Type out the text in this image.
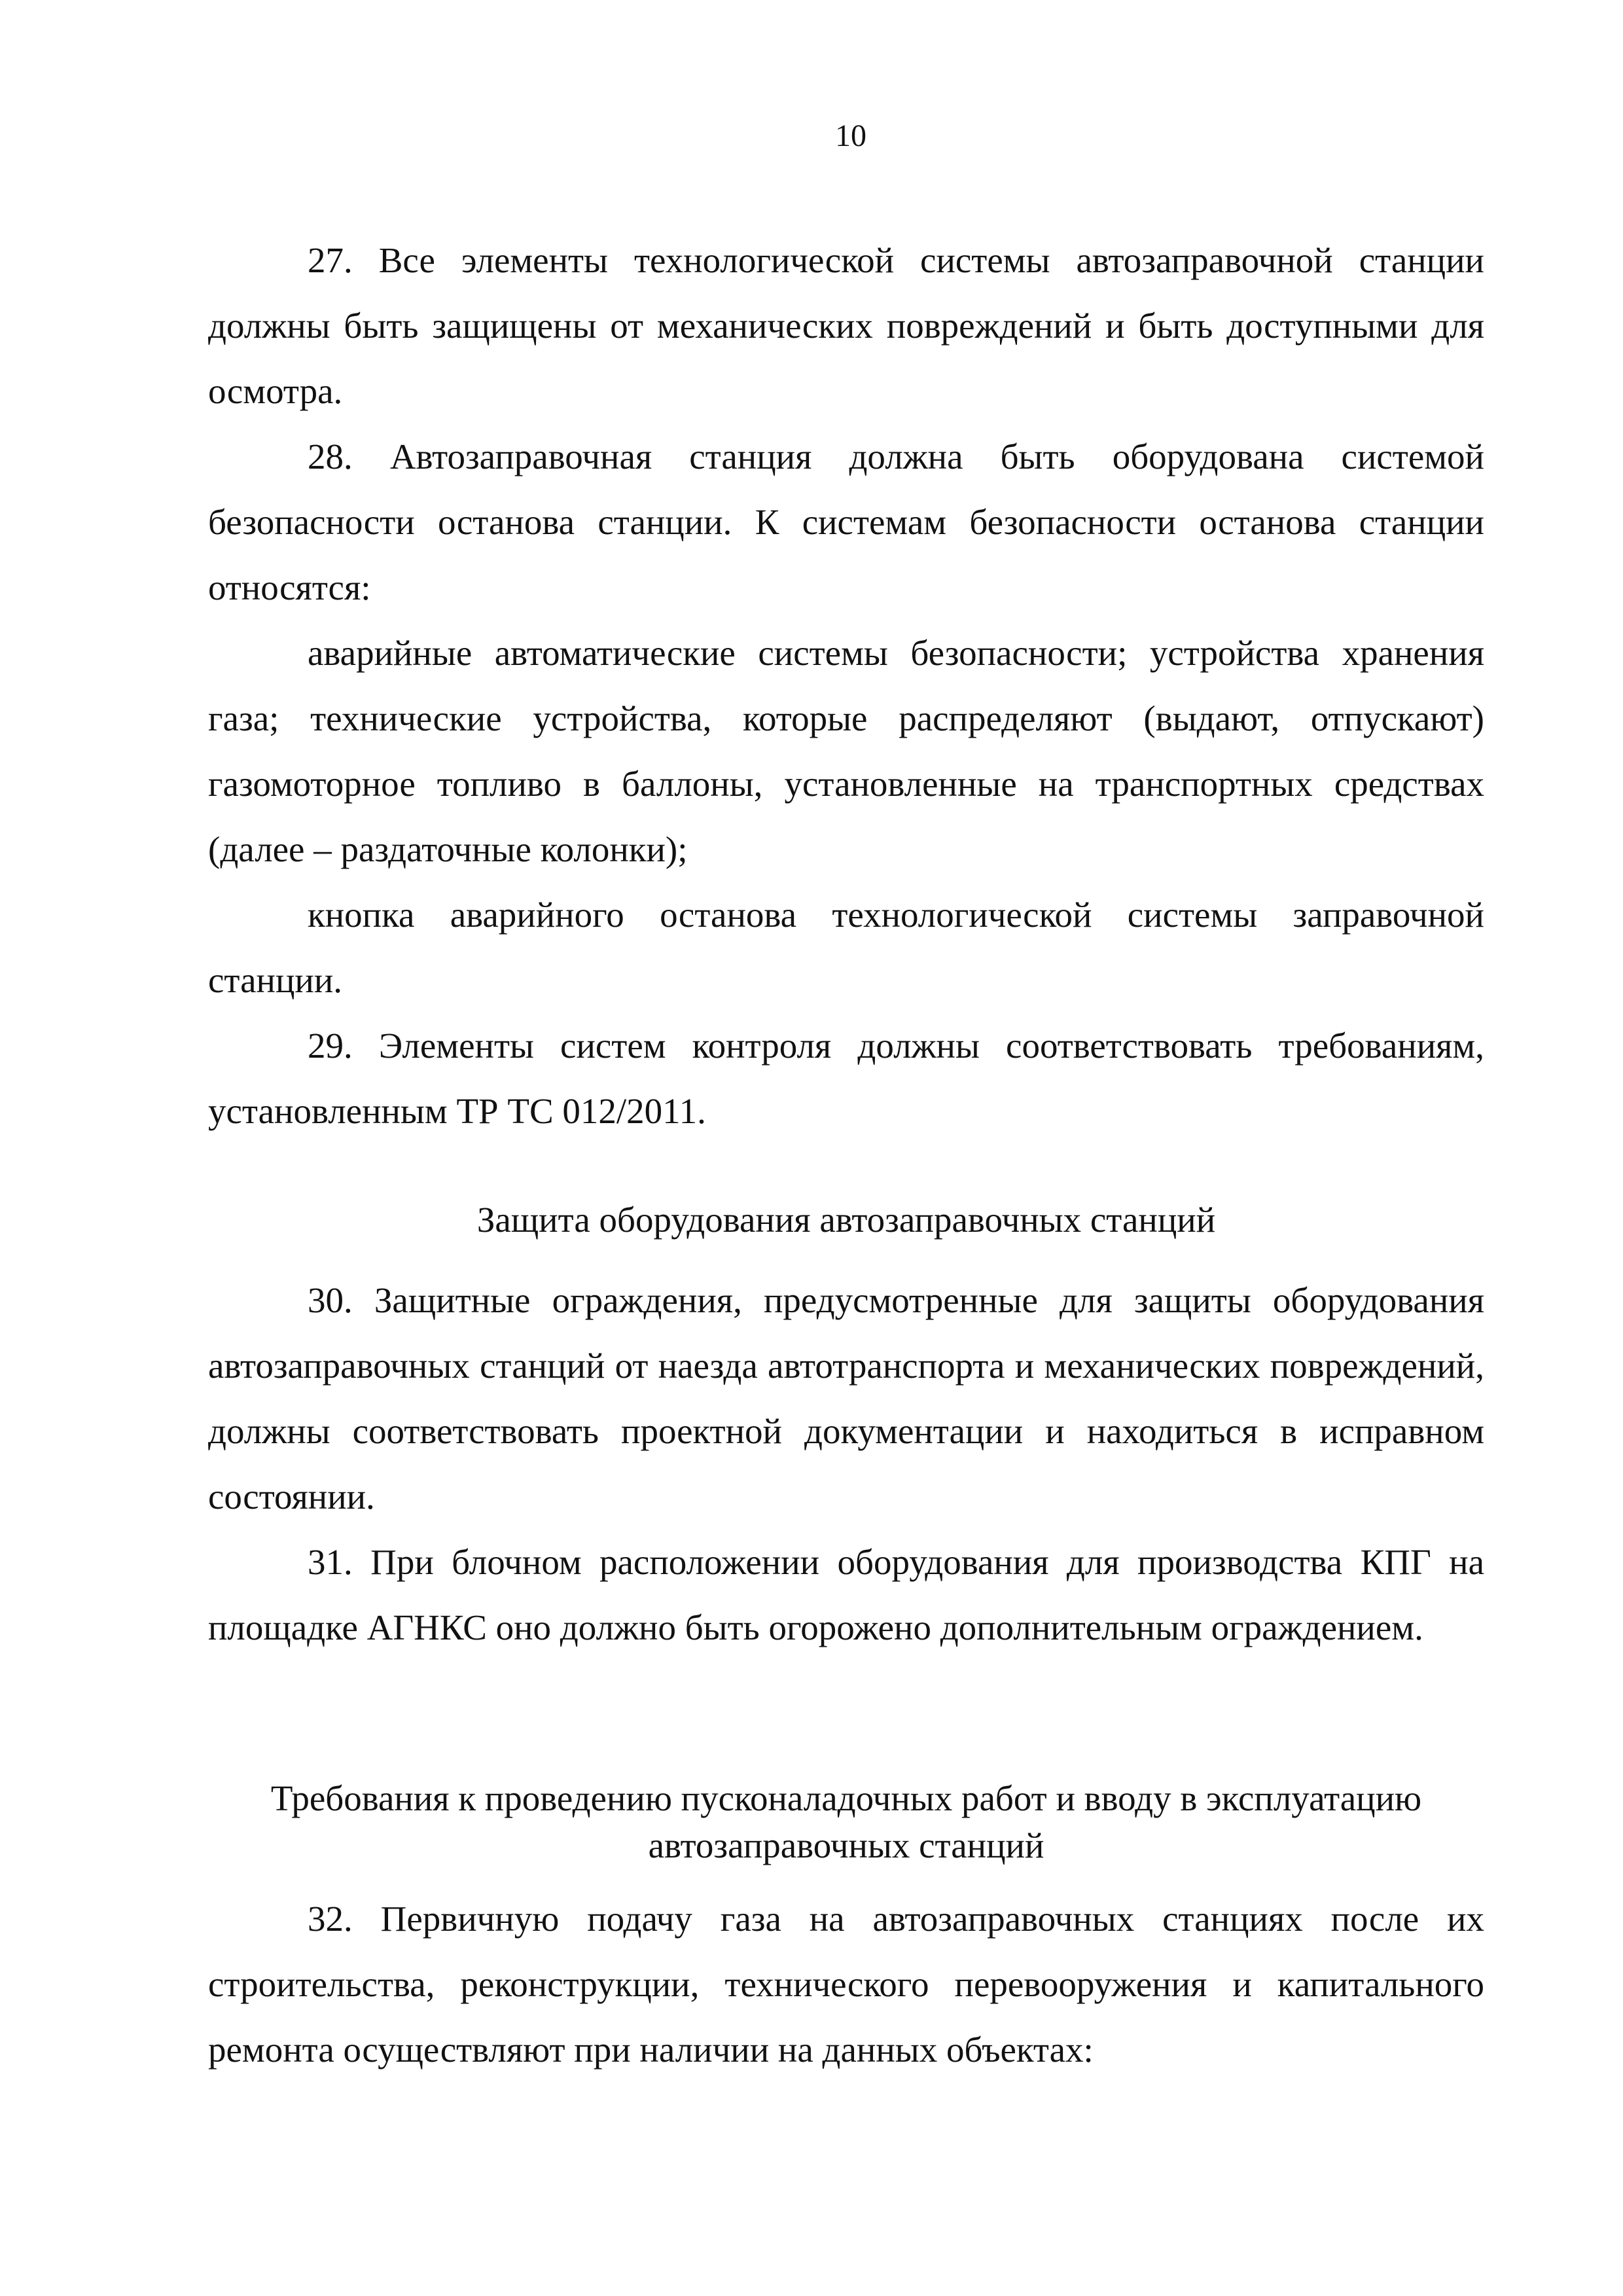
10

27. Все элементы технологической системы автозаправочной станции должны быть защищены от механических повреждений и быть доступными для осмотра.

28. Автозаправочная станция должна быть оборудована системой безопасности останова станции. К системам безопасности останова станции относятся:

аварийные автоматические системы безопасности; устройства хранения газа; технические устройства, которые распределяют (выдают, отпускают) газомоторное топливо в баллоны, установленные на транспортных средствах (далее – раздаточные колонки);

кнопка аварийного останова технологической системы заправочной станции.

29. Элементы систем контроля должны соответствовать требованиям, установленным ТР ТС 012/2011.

Защита оборудования автозаправочных станций

30. Защитные ограждения, предусмотренные для защиты оборудования автозаправочных станций от наезда автотранспорта и механических повреждений, должны соответствовать проектной документации и находиться в исправном состоянии.

31. При блочном расположении оборудования для производства КПГ на площадке АГНКС оно должно быть огорожено дополнительным ограждением.

Требования к проведению пусконаладочных работ и вводу в эксплуатацию

автозаправочных станций

32. Первичную подачу газа на автозаправочных станциях после их строительства, реконструкции, технического перевооружения и капитального ремонта осуществляют при наличии на данных объектах:
